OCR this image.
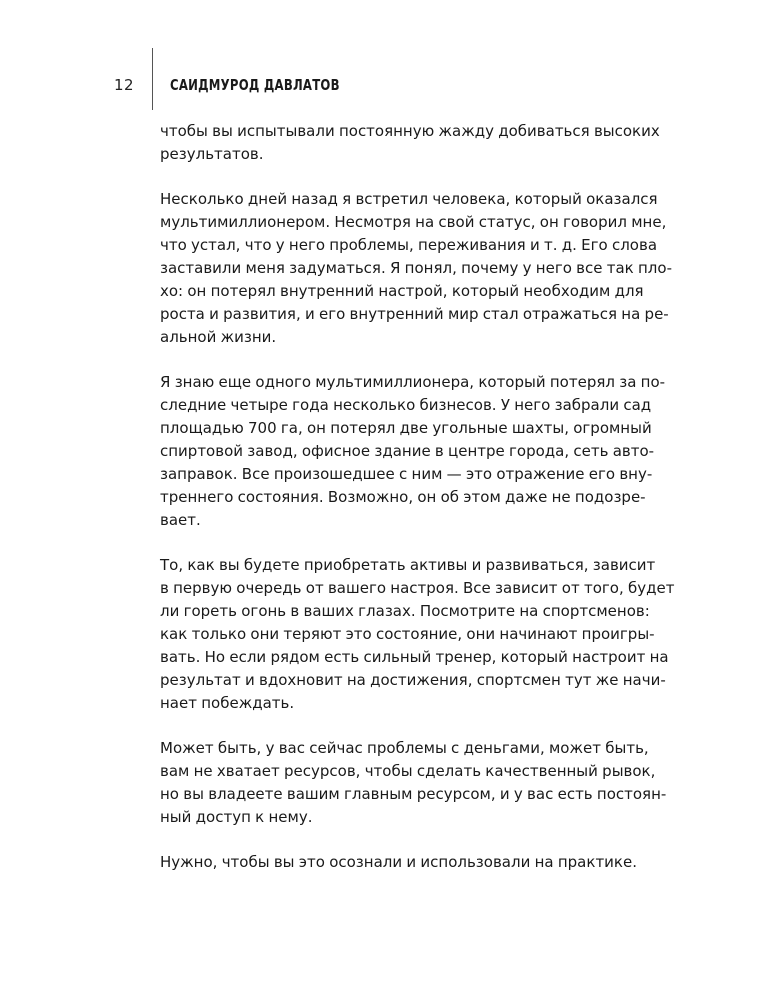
12 САИДМУРОД ДАВЛАТОВ

чтобы вы испытывали постоянную жажду добиваться высоких
результатов.

Несколько дней назад я встретил человека, который оказался
мультимиллионером. Несмотря на свой статус, он говорил мне,
что устал, что у него проблемы, переживания и т. д. Его слова
заставили меня задуматься. Я понял, почему у него все так пло-
хо: он потерял внутренний настрой, который необходим для
роста и развития, и его внутренний мир стал отражаться на ре-
альной жизни.

Я знаю еще одного мультимиллионера, который потерял за по-
следние четыре года несколько бизнесов. У него забрали сад
площадью 700 га, он потерял две угольные шахты, огромный
спиртовой завод, офисное здание в центре города, сеть авто-
заправок. Все произошедшее с ним — это отражение его вну-
треннего состояния. Возможно, он об этом даже не подозре-
вает.

То, как вы будете приобретать активы и развиваться, зависит
в первую очередь от вашего настроя. Все зависит от того, будет
ли гореть огонь в ваших глазах. Посмотрите на спортсменов:
как только они теряют это состояние, они начинают проигры-
вать. Но если рядом есть сильный тренер, который настроит на
результат и вдохновит на достижения, спортсмен тут же начи-
нает побеждать.

Может быть, у вас сейчас проблемы с деньгами, может быть,
вам не хватает ресурсов, чтобы сделать качественный рывок,
но вы владеете вашим главным ресурсом, и у вас есть постоян-
ный доступ к нему.

Нужно, чтобы вы это осознали и использовали на практике.
